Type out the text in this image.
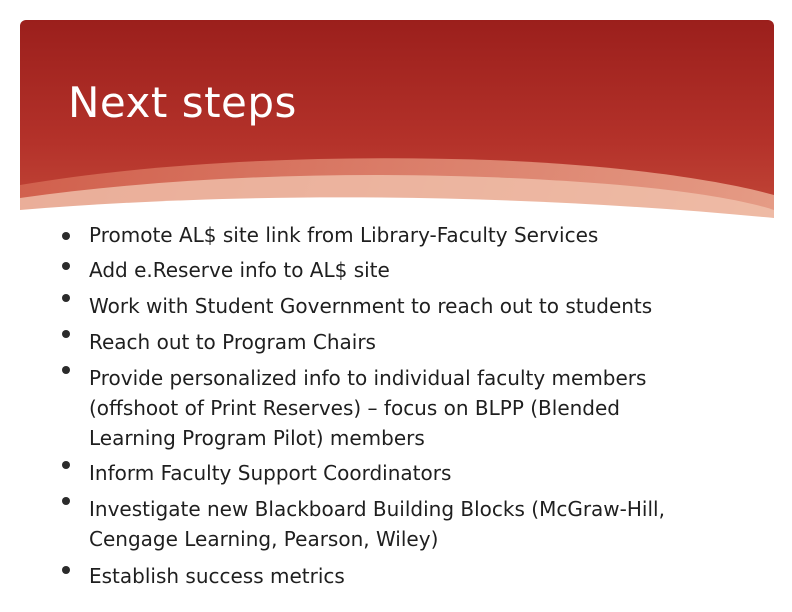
Next steps
Promote AL$ site link from Library-Faculty Services
Add e.Reserve info to AL$ site
Work with Student Government to reach out to students
Reach out to Program Chairs
Provide personalized info to individual faculty members
(offshoot of Print Reserves) – focus on BLPP (Blended
Learning Program Pilot) members
Inform Faculty Support Coordinators
Investigate new Blackboard Building Blocks (McGraw-Hill,
Cengage Learning, Pearson, Wiley)
Establish success metrics
